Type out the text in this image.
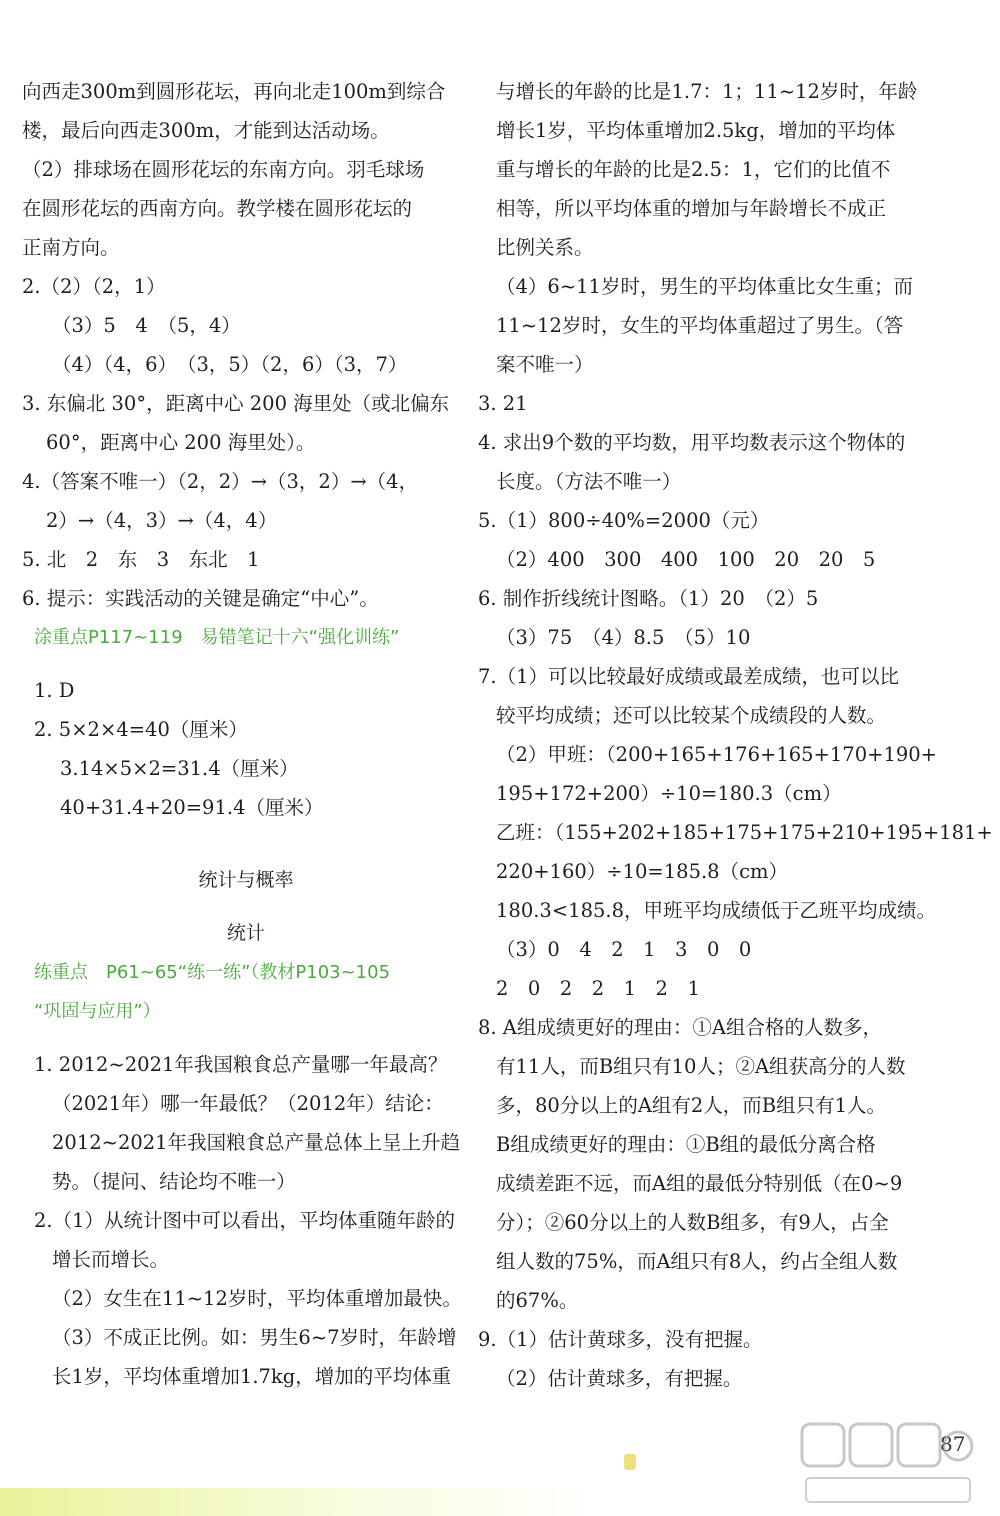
向西走300m到圆形花坛，再向北走100m到综合
楼，最后向西走300m，才能到达活动场。
（2）排球场在圆形花坛的东南方向。羽毛球场
在圆形花坛的西南方向。教学楼在圆形花坛的
正南方向。
2.（2）（2，1）
（3）5　4　（5，4）
（4）（4，6）　（3，5）（2，6）（3，7）
3. 东偏北 30°，距离中心 200 海里处（或北偏东
60°，距离中心 200 海里处）。
4.（答案不唯一）（2，2）→（3，2）→（4，
2）→（4，3）→（4，4）
5. 北　2　东　3　东北　1
6. 提示：实践活动的关键是确定“中心”。
涂重点P117~119　易错笔记十六“强化训练”
1. D
2. 5×2×4=40（厘米）
3.14×5×2=31.4（厘米）
40+31.4+20=91.4（厘米）
统计与概率
统计
练重点　P61~65“练一练”（教材P103~105
“巩固与应用”）
1. 2012~2021年我国粮食总产量哪一年最高？
（2021年）哪一年最低？（2012年）结论：
2012~2021年我国粮食总产量总体上呈上升趋
势。（提问、结论均不唯一）
2.（1）从统计图中可以看出，平均体重随年龄的
增长而增长。
（2）女生在11~12岁时，平均体重增加最快。
（3）不成正比例。如：男生6~7岁时，年龄增
长1岁，平均体重增加1.7kg，增加的平均体重
与增长的年龄的比是1.7：1；11~12岁时，年龄
增长1岁，平均体重增加2.5kg，增加的平均体
重与增长的年龄的比是2.5：1，它们的比值不
相等，所以平均体重的增加与年龄增长不成正
比例关系。
（4）6~11岁时，男生的平均体重比女生重；而
11~12岁时，女生的平均体重超过了男生。（答
案不唯一）
3. 21
4. 求出9个数的平均数，用平均数表示这个物体的
长度。（方法不唯一）
5.（1）800÷40%=2000（元）
（2）400　300　400　100　20　20　5
6. 制作折线统计图略。（1）20　（2）5
（3）75　（4）8.5　（5）10
7.（1）可以比较最好成绩或最差成绩，也可以比
较平均成绩；还可以比较某个成绩段的人数。
（2）甲班：（200+165+176+165+170+190+
195+172+200）÷10=180.3（cm）
乙班：（155+202+185+175+175+210+195+181+
220+160）÷10=185.8（cm）
180.3<185.8，甲班平均成绩低于乙班平均成绩。
（3）0　4　2　1　3　0　0
2　0　2　2　1　2　1
8. A组成绩更好的理由：①A组合格的人数多，
有11人，而B组只有10人；②A组获高分的人数
多，80分以上的A组有2人，而B组只有1人。
B组成绩更好的理由：①B组的最低分离合格
成绩差距不远，而A组的最低分特别低（在0~9
分）；②60分以上的人数B组多，有9人，占全
组人数的75%，而A组只有8人，约占全组人数
的67%。
9.（1）估计黄球多，没有把握。
（2）估计黄球多，有把握。
87
